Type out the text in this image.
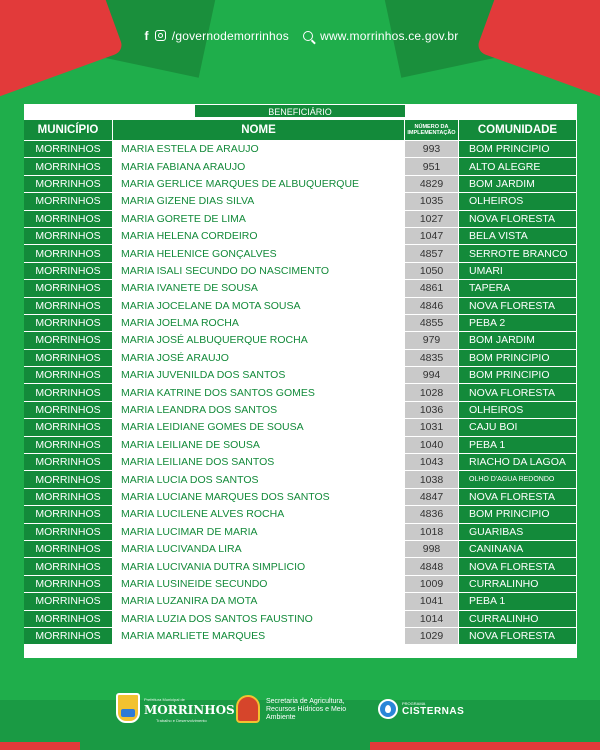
f /governodemorrinhos	www.morrinhos.ce.gov.br
BENEFICIÁRIO
MUNICÍPIO	NOME	NÚMERO DA IMPLEMENTAÇÃO	COMUNIDADE
MORRINHOS	MARIA ESTELA DE ARAUJO	993	BOM PRINCIPIO
MORRINHOS	MARIA FABIANA ARAUJO	951	ALTO ALEGRE
MORRINHOS	MARIA GERLICE MARQUES DE ALBUQUERQUE	4829	BOM JARDIM
MORRINHOS	MARIA GIZENE DIAS SILVA	1035	OLHEIROS
MORRINHOS	MARIA GORETE DE LIMA	1027	NOVA FLORESTA
MORRINHOS	MARIA HELENA CORDEIRO	1047	BELA VISTA
MORRINHOS	MARIA HELENICE GONÇALVES	4857	SERROTE BRANCO
MORRINHOS	MARIA ISALI SECUNDO DO NASCIMENTO	1050	UMARI
MORRINHOS	MARIA IVANETE DE SOUSA	4861	TAPERA
MORRINHOS	MARIA JOCELANE DA MOTA SOUSA	4846	NOVA FLORESTA
MORRINHOS	MARIA JOELMA ROCHA	4855	PEBA 2
MORRINHOS	MARIA JOSÉ ALBUQUERQUE ROCHA	979	BOM JARDIM
MORRINHOS	MARIA JOSÉ ARAUJO	4835	BOM PRINCIPIO
MORRINHOS	MARIA JUVENILDA DOS SANTOS	994	BOM PRINCIPIO
MORRINHOS	MARIA KATRINE DOS SANTOS GOMES	1028	NOVA FLORESTA
MORRINHOS	MARIA LEANDRA DOS SANTOS	1036	OLHEIROS
MORRINHOS	MARIA LEIDIANE GOMES DE SOUSA	1031	CAJU BOI
MORRINHOS	MARIA LEILIANE DE SOUSA	1040	PEBA 1
MORRINHOS	MARIA LEILIANE DOS SANTOS	1043	RIACHO DA LAGOA
MORRINHOS	MARIA LUCIA DOS SANTOS	1038	OLHO D'AGUA REDONDO
MORRINHOS	MARIA LUCIANE MARQUES DOS SANTOS	4847	NOVA FLORESTA
MORRINHOS	MARIA LUCILENE ALVES ROCHA	4836	BOM PRINCIPIO
MORRINHOS	MARIA LUCIMAR DE MARIA	1018	GUARIBAS
MORRINHOS	MARIA LUCIVANDA LIRA	998	CANINANA
MORRINHOS	MARIA LUCIVANIA DUTRA SIMPLICIO	4848	NOVA FLORESTA
MORRINHOS	MARIA LUSINEIDE SECUNDO	1009	CURRALINHO
MORRINHOS	MARIA LUZANIRA DA MOTA	1041	PEBA 1
MORRINHOS	MARIA LUZIA DOS SANTOS FAUSTINO	1014	CURRALINHO
MORRINHOS	MARIA MARLIETE MARQUES	1029	NOVA FLORESTA
Prefeitura Municipal de
MORRINHOS
Trabalho e Desenvolvimento
Secretaria de Agricultura, Recursos Hídricos e Meio Ambiente
PROGRAMA
CISTERNAS
